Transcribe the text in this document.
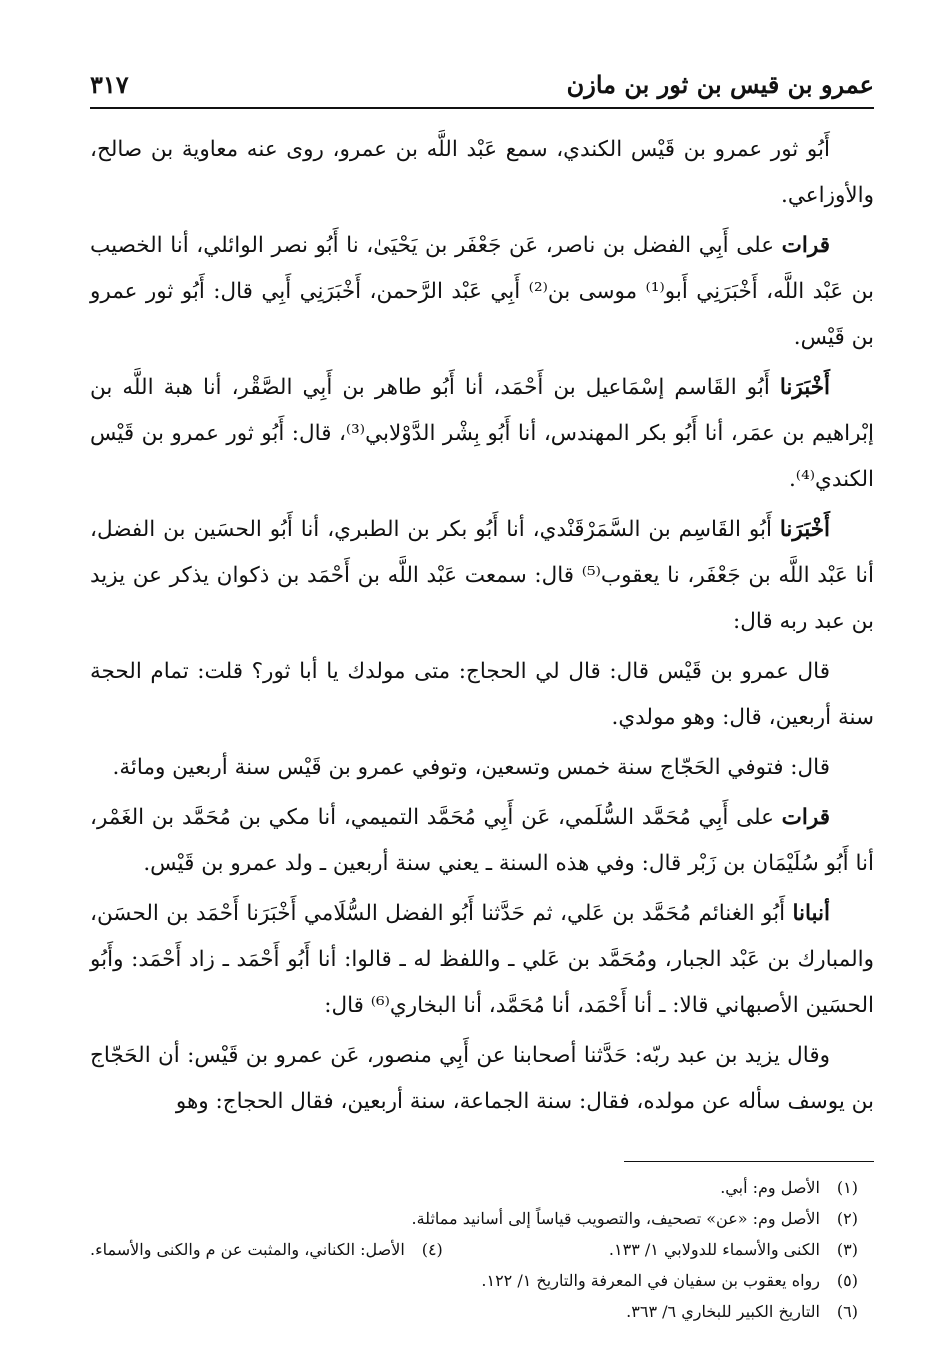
عمرو بن قيس بن ثور بن مازن
٣١٧

أَبُو ثور عمرو بن قَيْس الكندي، سمع عَبْد اللَّه بن عمرو، روى عنه معاوية بن صالح، والأوزاعي.

قرات على أَبِي الفضل بن ناصر، عَن جَعْفَر بن يَحْيَىٰ، نا أَبُو نصر الوائلي، أنا الخصيب بن عَبْد اللَّه، أَخْبَرَنِي أَبو⁽¹⁾ موسى بن⁽²⁾ أَبِي عَبْد الرَّحمن، أَخْبَرَنِي أَبِي قال: أَبُو ثور عمرو بن قَيْس.

أَخْبَرَنا أَبُو القَاسم إسْمَاعيل بن أَحْمَد، أنا أَبُو طاهر بن أَبِي الصَّقْر، أنا هبة اللَّه بن إبْراهيم بن عمَر، أنا أَبُو بكر المهندس، أنا أَبُو بِشْر الدَّوْلابي⁽³⁾، قال: أَبُو ثور عمرو بن قَيْس الكندي⁽⁴⁾.

أَخْبَرَنا أَبُو القَاسِم بن السَّمَرْقَنْدي، أنا أَبُو بكر بن الطبري، أنا أَبُو الحسَين بن الفضل، أنا عَبْد اللَّه بن جَعْفَر، نا يعقوب⁽⁵⁾ قال: سمعت عَبْد اللَّه بن أَحْمَد بن ذكوان يذكر عن يزيد بن عبد ربه قال:

قال عمرو بن قَيْس قال: قال لي الحجاج: متى مولدك يا أبا ثور؟ قلت: تمام الحجة سنة أربعين، قال: وهو مولدي.

قال: فتوفي الحَجّاج سنة خمس وتسعين، وتوفي عمرو بن قَيْس سنة أربعين ومائة.

قرات على أَبِي مُحَمَّد السُّلَمي، عَن أَبِي مُحَمَّد التميمي، أنا مكي بن مُحَمَّد بن الغَمْر، أنا أَبُو سُلَيْمَان بن زَبْر قال: وفي هذه السنة ـ يعني سنة أربعين ـ ولد عمرو بن قَيْس.

أنبانا أَبُو الغنائم مُحَمَّد بن عَلي، ثم حَدَّثنا أَبُو الفضل السُّلَامي أَخْبَرَنا أَحْمَد بن الحسَن، والمبارك بن عَبْد الجبار، ومُحَمَّد بن عَلي ـ واللفظ له ـ قالوا: أنا أَبُو أَحْمَد ـ زاد أَحْمَد: وأَبُو الحسَين الأصبهاني قالا: ـ أنا أَحْمَد، أنا مُحَمَّد، أنا البخاري⁽⁶⁾ قال:

وقال يزيد بن عبد ربّه: حَدَّثنا أصحابنا عن أَبِي منصور، عَن عمرو بن قَيْس: أن الحَجّاج بن يوسف سأله عن مولده، فقال: سنة الجماعة، سنة أربعين، فقال الحجاج: وهو

(١)
الأصل وم: أبي.
(٢)
الأصل وم: «عن» تصحيف، والتصويب قياساً إلى أسانيد مماثلة.
(٣)
الكنى والأسماء للدولابي ١/ ١٣٣.
(٤)
الأصل: الكناني، والمثبت عن م والكنى والأسماء.
(٥)
رواه يعقوب بن سفيان في المعرفة والتاريخ ١/ ١٢٢.
(٦)
التاريخ الكبير للبخاري ٦/ ٣٦٣.
